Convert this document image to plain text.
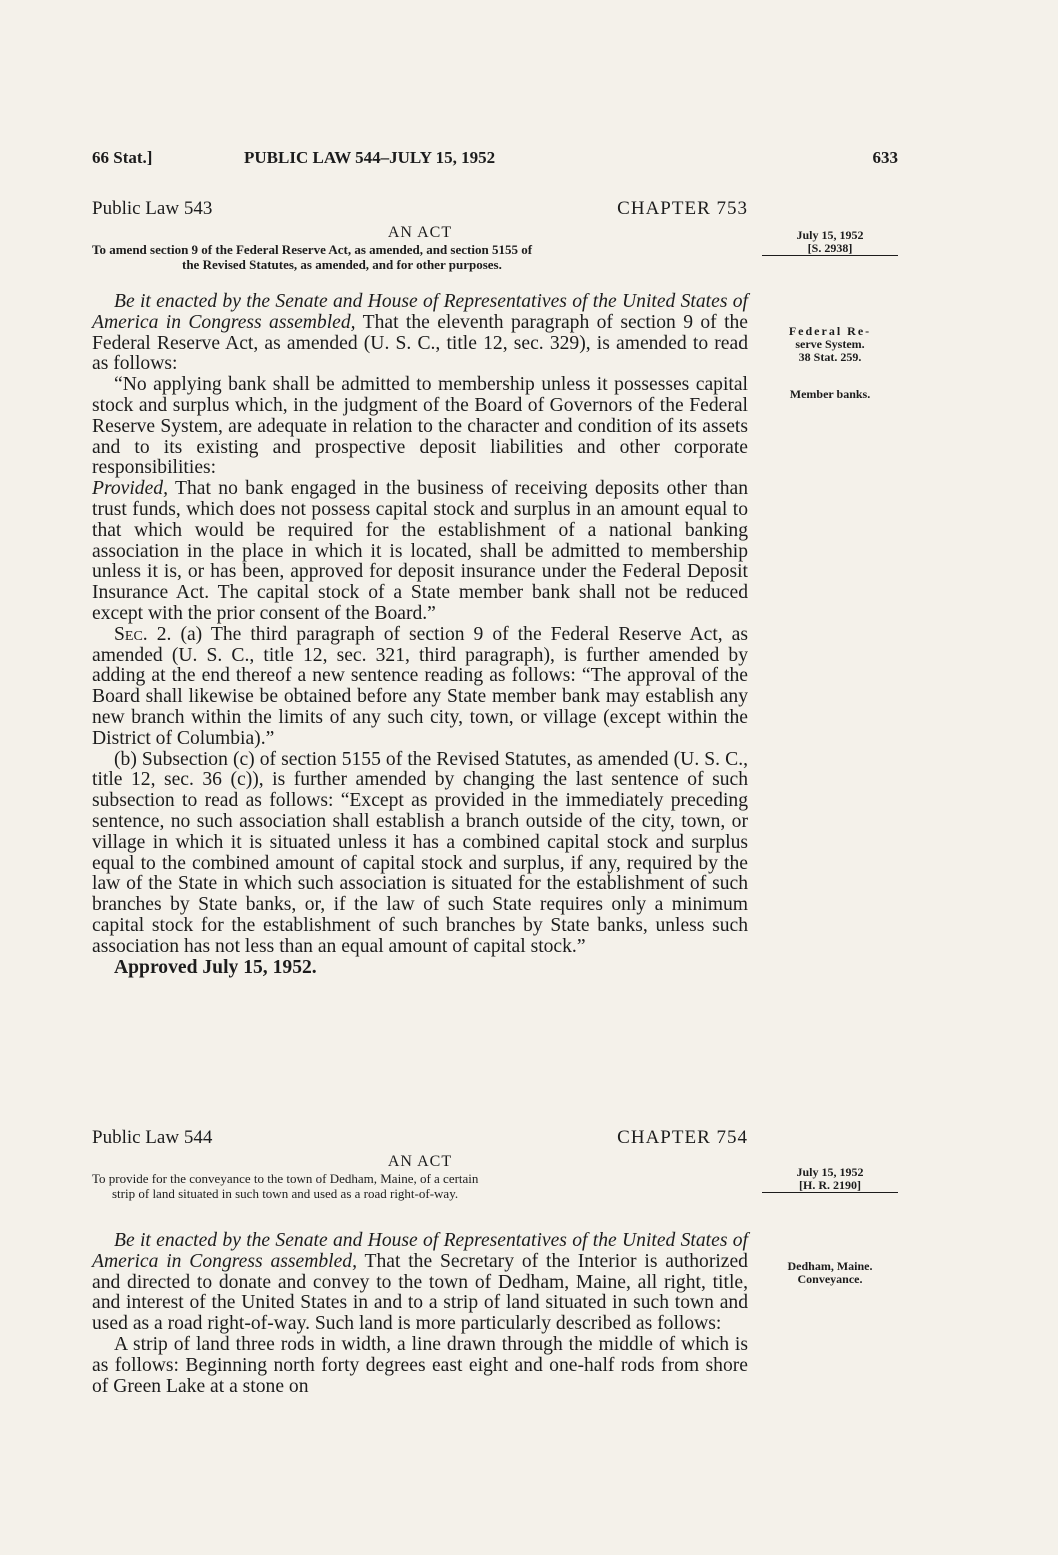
66 Stat.]	PUBLIC LAW 544–JULY 15, 1952	633
Public Law 543	CHAPTER 753
AN ACT
To amend section 9 of the Federal Reserve Act, as amended, and section 5155 of
the Revised Statutes, as amended, and for other purposes.

Be it enacted by the Senate and House of Representatives of the United States of America in Congress assembled, That the eleventh paragraph of section 9 of the Federal Reserve Act, as amended (U. S. C., title 12, sec. 329), is amended to read as follows:

“No applying bank shall be admitted to membership unless it possesses capital stock and surplus which, in the judgment of the Board of Governors of the Federal Reserve System, are adequate in relation to the character and condition of its assets and to its existing and prospective deposit liabilities and other corporate responsibilities:
Provided, That no bank engaged in the business of receiving deposits other than trust funds, which does not possess capital stock and surplus in an amount equal to that which would be required for the establishment of a national banking association in the place in which it is located, shall be admitted to membership unless it is, or has been, approved for deposit insurance under the Federal Deposit Insurance Act. The capital stock of a State member bank shall not be reduced except with the prior consent of the Board.”

Sec. 2. (a) The third paragraph of section 9 of the Federal Reserve Act, as amended (U. S. C., title 12, sec. 321, third paragraph), is further amended by adding at the end thereof a new sentence reading as follows: “The approval of the Board shall likewise be obtained before any State member bank may establish any new branch within the limits of any such city, town, or village (except within the District of Columbia).”

(b) Subsection (c) of section 5155 of the Revised Statutes, as amended (U. S. C., title 12, sec. 36 (c)), is further amended by changing the last sentence of such subsection to read as follows: “Except as provided in the immediately preceding sentence, no such association shall establish a branch outside of the city, town, or village in which it is situated unless it has a combined capital stock and surplus equal to the combined amount of capital stock and surplus, if any, required by the law of the State in which such association is situated for the establishment of such branches by State banks, or, if the law of such State requires only a minimum capital stock for the establishment of such branches by State banks, unless such association has not less than an equal amount of capital stock.”

Approved July 15, 1952.

July 15, 1952
[S. 2938]
Federal Re-
serve System.
38 Stat. 259.
Member banks.
Public Law 544	CHAPTER 754
AN ACT
To provide for the conveyance to the town of Dedham, Maine, of a certain
strip of land situated in such town and used as a road right-of-way.

Be it enacted by the Senate and House of Representatives of the United States of America in Congress assembled, That the Secretary of the Interior is authorized and directed to donate and convey to the town of Dedham, Maine, all right, title, and interest of the United States in and to a strip of land situated in such town and used as a road right-of-way. Such land is more particularly described as follows:

A strip of land three rods in width, a line drawn through the middle of which is as follows: Beginning north forty degrees east eight and one-half rods from shore of Green Lake at a stone on

July 15, 1952
[H. R. 2190]
Dedham, Maine.
Conveyance.
